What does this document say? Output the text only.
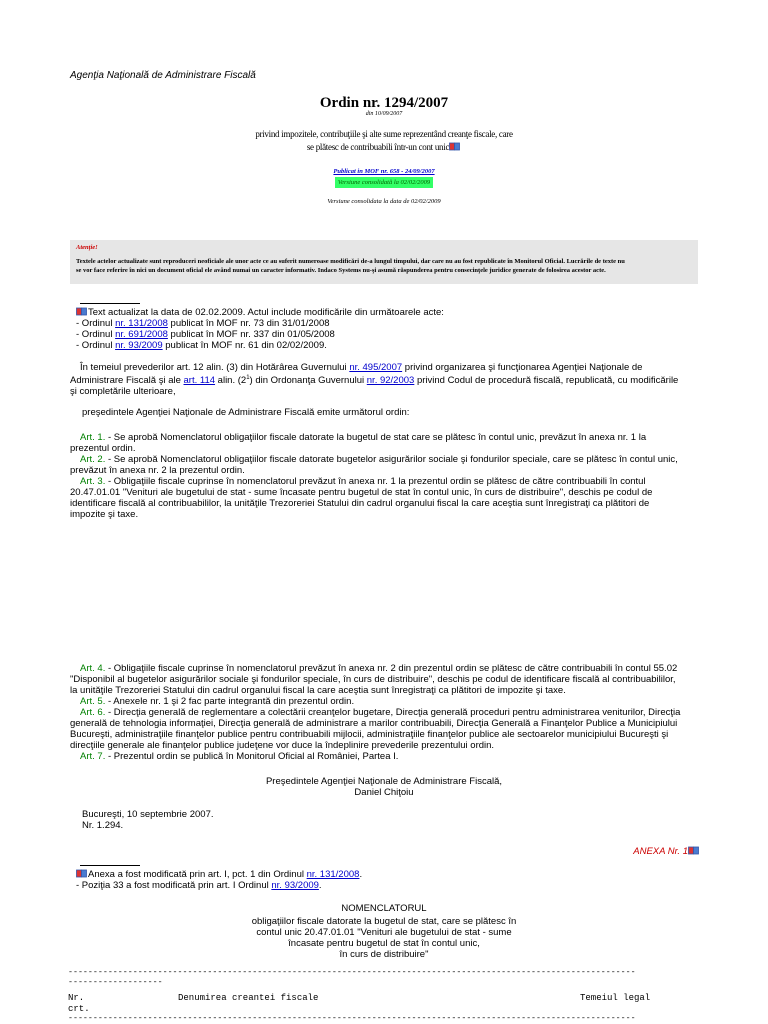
Agenţia Naţională de Administrare Fiscală
Ordin nr. 1294/2007
din 10/09/2007
privind impozitele, contribuţiile şi alte sume reprezentând creanţe fiscale, care
se plătesc de contribuabili într-un cont unic
Publicat in MOF nr. 658 - 24/09/2007
Versiune consolidată la 02/02/2009
Versiune consolidata la data de 02/02/2009
Atenţie!
Textele actelor actualizate sunt reproduceri neoficiale ale unor acte ce au suferit numeroase modificări de-a lungul timpului, dar care nu au fost republicate în Monitorul Oficial. Lucrările de texte nu
se vor face referire în nici un document oficial ele având numai un caracter informativ. Indaco Systems nu-şi asumă răspunderea pentru consecinţele juridice generate de folosirea acestor acte.
Text actualizat la data de 02.02.2009. Actul include modificările din următoarele acte:
- Ordinul nr. 131/2008 publicat în MOF nr. 73 din 31/01/2008
- Ordinul nr. 691/2008 publicat în MOF nr. 337 din 01/05/2008
- Ordinul nr. 93/2009 publicat în MOF nr. 61 din 02/02/2009.
În temeiul prevederilor art. 12 alin. (3) din Hotărârea Guvernului nr. 495/2007 privind organizarea şi funcţionarea Agenţiei Naţionale de
Administrare Fiscală şi ale art. 114 alin. $(2^1)$ din Ordonanţa Guvernului nr. 92/2003 privind Codul de procedură fiscală, republicată, cu modificările
şi completările ulterioare,
preşedintele Agenţiei Naţionale de Administrare Fiscală emite următorul ordin:
Art. 1. - Se aprobă Nomenclatorul obligaţiilor fiscale datorate la bugetul de stat care se plătesc în contul unic, prevăzut în anexa nr. 1 la
prezentul ordin.
Art. 2. - Se aprobă Nomenclatorul obligaţiilor fiscale datorate bugetelor asigurărilor sociale şi fondurilor speciale, care se plătesc în contul unic,
prevăzut în anexa nr. 2 la prezentul ordin.
Art. 3. - Obligaţiile fiscale cuprinse în nomenclatorul prevăzut în anexa nr. 1 la prezentul ordin se plătesc de către contribuabili în contul
20.47.01.01 "Venituri ale bugetului de stat - sume încasate pentru bugetul de stat în contul unic, în curs de distribuire", deschis pe codul de
identificare fiscală al contribuabililor, la unităţile Trezoreriei Statului din cadrul organului fiscal la care aceştia sunt înregistraţi ca plătitori de
impozite şi taxe.
Art. 4. - Obligaţiile fiscale cuprinse în nomenclatorul prevăzut în anexa nr. 2 din prezentul ordin se plătesc de către contribuabili în contul 55.02
"Disponibil al bugetelor asigurărilor sociale şi fondurilor speciale, în curs de distribuire", deschis pe codul de identificare fiscală al contribuabililor,
la unităţile Trezoreriei Statului din cadrul organului fiscal la care aceştia sunt înregistraţi ca plătitori de impozite şi taxe.
Art. 5. - Anexele nr. 1 şi 2 fac parte integrantă din prezentul ordin.
Art. 6. - Direcţia generală de reglementare a colectării creanţelor bugetare, Direcţia generală proceduri pentru administrarea veniturilor, Direcţia
generală de tehnologia informaţiei, Direcţia generală de administrare a marilor contribuabili, Direcţia Generală a Finanţelor Publice a Municipiului
Bucureşti, administraţiile finanţelor publice pentru contribuabili mijlocii, administraţiile finanţelor publice ale sectoarelor municipiului Bucureşti şi
direcţiile generale ale finanţelor publice judeţene vor duce la îndeplinire prevederile prezentului ordin.
Art. 7. - Prezentul ordin se publică în Monitorul Oficial al României, Partea I.
Preşedintele Agenţiei Naţionale de Administrare Fiscală,
Daniel Chiţoiu
Bucureşti, 10 septembrie 2007.
Nr. 1.294.
ANEXA Nr. 1
Anexa a fost modificată prin art. I, pct. 1 din Ordinul nr. 131/2008.
- Poziţia 33 a fost modificată prin art. I Ordinul nr. 93/2009.
NOMENCLATORUL
obligaţiilor fiscale datorate la bugetul de stat, care se plătesc în
contul unic 20.47.01.01 "Venituri ale bugetului de stat - sume
încasate pentru bugetul de stat în contul unic,
în curs de distribuire"
------------------------------------------------------------------------------------------------------------------
-------------------
Nr.	Denumirea creantei fiscale	Temeiul legal
crt.
------------------------------------------------------------------------------------------------------------------
